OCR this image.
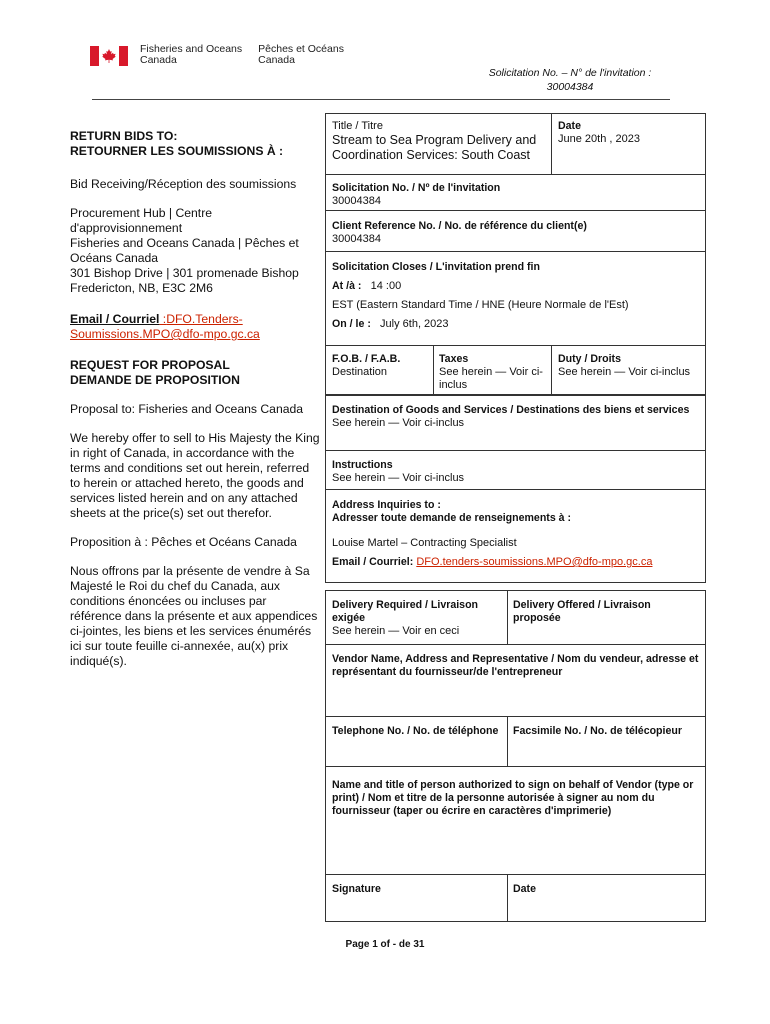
Fisheries and Oceans
Canada
Pêches et Océans
Canada
Solicitation No. – N° de l'invitation :
30004384

RETURN BIDS TO:
RETOURNER LES SOUMISSIONS À :

Bid Receiving/Réception des soumissions

Procurement Hub | Centre d'approvisionnement
Fisheries and Oceans Canada | Pêches et Océans Canada
301 Bishop Drive | 301 promenade Bishop
Fredericton, NB, E3C 2M6

Email / Courriel :DFO.Tenders-Soumissions.MPO@dfo-mpo.gc.ca

REQUEST FOR PROPOSAL
DEMANDE DE PROPOSITION

Proposal to: Fisheries and Oceans Canada

We hereby offer to sell to His Majesty the King in right of Canada, in accordance with the terms and conditions set out herein, referred to herein or attached hereto, the goods and services listed herein and on any attached sheets at the price(s) set out therefor.

Proposition à : Pêches et Océans Canada

Nous offrons par la présente de vendre à Sa Majesté le Roi du chef du Canada, aux conditions énoncées ou incluses par référence dans la présente et aux appendices ci-jointes, les biens et les services énumérés ici sur toute feuille ci-annexée, au(x) prix indiqué(s).

Title / Titre
Stream to Sea Program Delivery and Coordination Services: South Coast
Date
June 20th , 2023
Solicitation No. / Nº de l'invitation
30004384
Client Reference No. / No. de référence du client(e)
30004384
Solicitation Closes / L'invitation prend fin
At /à : 14 :00
EST (Eastern Standard Time / HNE (Heure Normale de l'Est)
On / le : July 6th, 2023
F.O.B. / F.A.B.
Destination
Taxes
See herein — Voir ci-inclus
Duty / Droits
See herein — Voir ci-inclus
Destination of Goods and Services / Destinations des biens et services
See herein — Voir ci-inclus
Instructions
See herein — Voir ci-inclus
Address Inquiries to :
Adresser toute demande de renseignements à :
Louise Martel – Contracting Specialist
Email / Courriel: DFO.tenders-soumissions.MPO@dfo-mpo.gc.ca
Delivery Required / Livraison exigée
See herein — Voir en ceci
Delivery Offered / Livraison proposée
Vendor Name, Address and Representative / Nom du vendeur, adresse et représentant du fournisseur/de l'entrepreneur
Telephone No. / No. de téléphone Facsimile No. / No. de télécopieur
Name and title of person authorized to sign on behalf of Vendor (type or print) / Nom et titre de la personne autorisée à signer au nom du fournisseur (taper ou écrire en caractères d'imprimerie)
Signature	Date
Page 1 of - de 31
